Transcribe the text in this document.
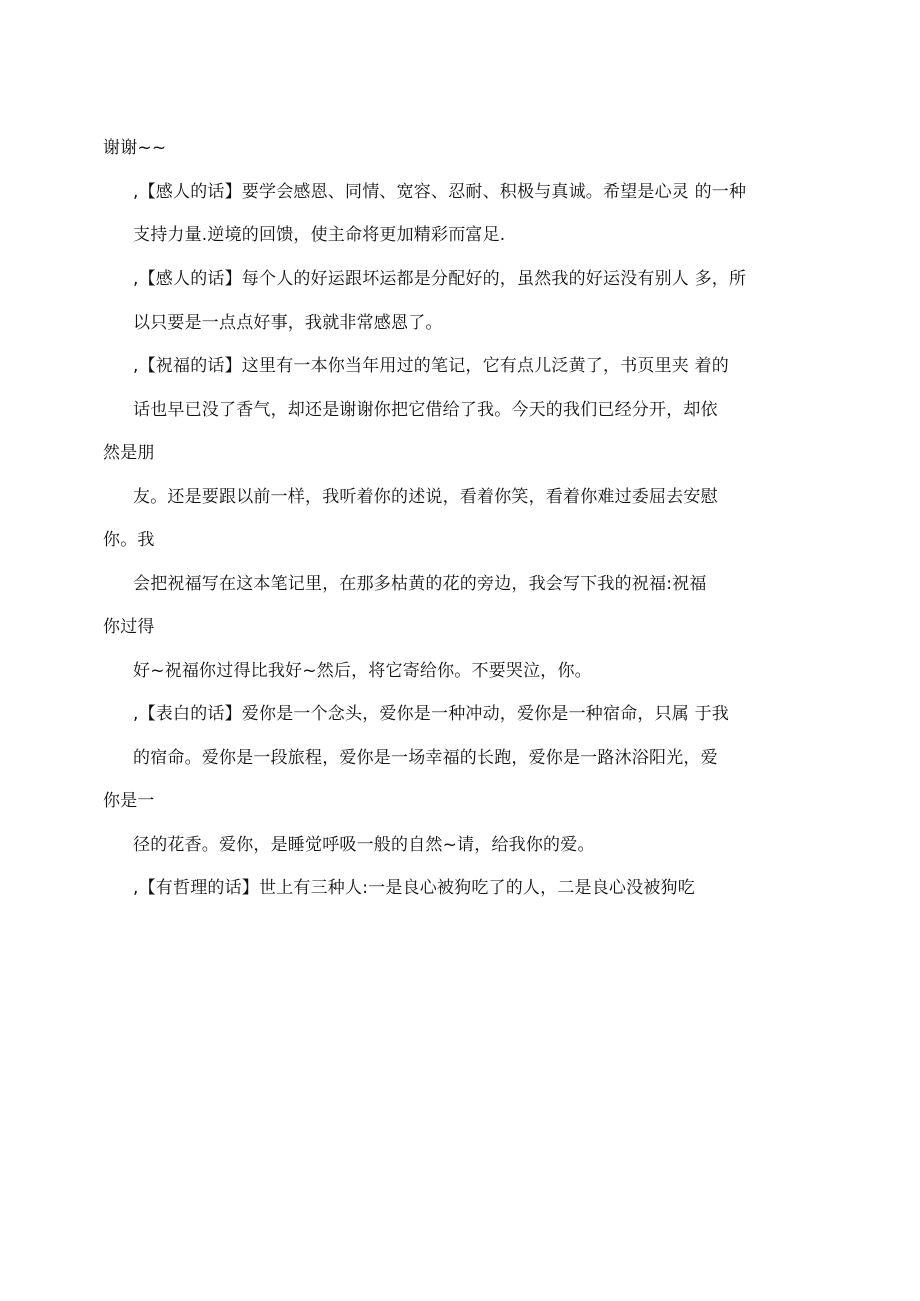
谢谢~~
,【感人的话】要学会感恩、同情、宽容、忍耐、积极与真诚。希望是心灵 的一种
支持力量.逆境的回馈，使主命将更加精彩而富足.
,【感人的话】每个人的好运跟坏运都是分配好的，虽然我的好运没有别人 多，所
以只要是一点点好事，我就非常感恩了。
,【祝福的话】这里有一本你当年用过的笔记，它有点儿泛黄了，书页里夹 着的
话也早已没了香气，却还是谢谢你把它借给了我。今天的我们已经分开，却依
然是朋
友。还是要跟以前一样，我听着你的述说，看着你笑，看着你难过委屈去安慰
你。我
会把祝福写在这本笔记里，在那多枯黄的花的旁边，我会写下我的祝福:祝福
你过得
好~祝福你过得比我好~然后，将它寄给你。不要哭泣，你。
,【表白的话】爱你是一个念头，爱你是一种冲动，爱你是一种宿命，只属 于我
的宿命。爱你是一段旅程，爱你是一场幸福的长跑，爱你是一路沐浴阳光，爱
你是一
径的花香。爱你，是睡觉呼吸一般的自然~请，给我你的爱。
,【有哲理的话】世上有三种人:一是良心被狗吃了的人，二是良心没被狗吃
